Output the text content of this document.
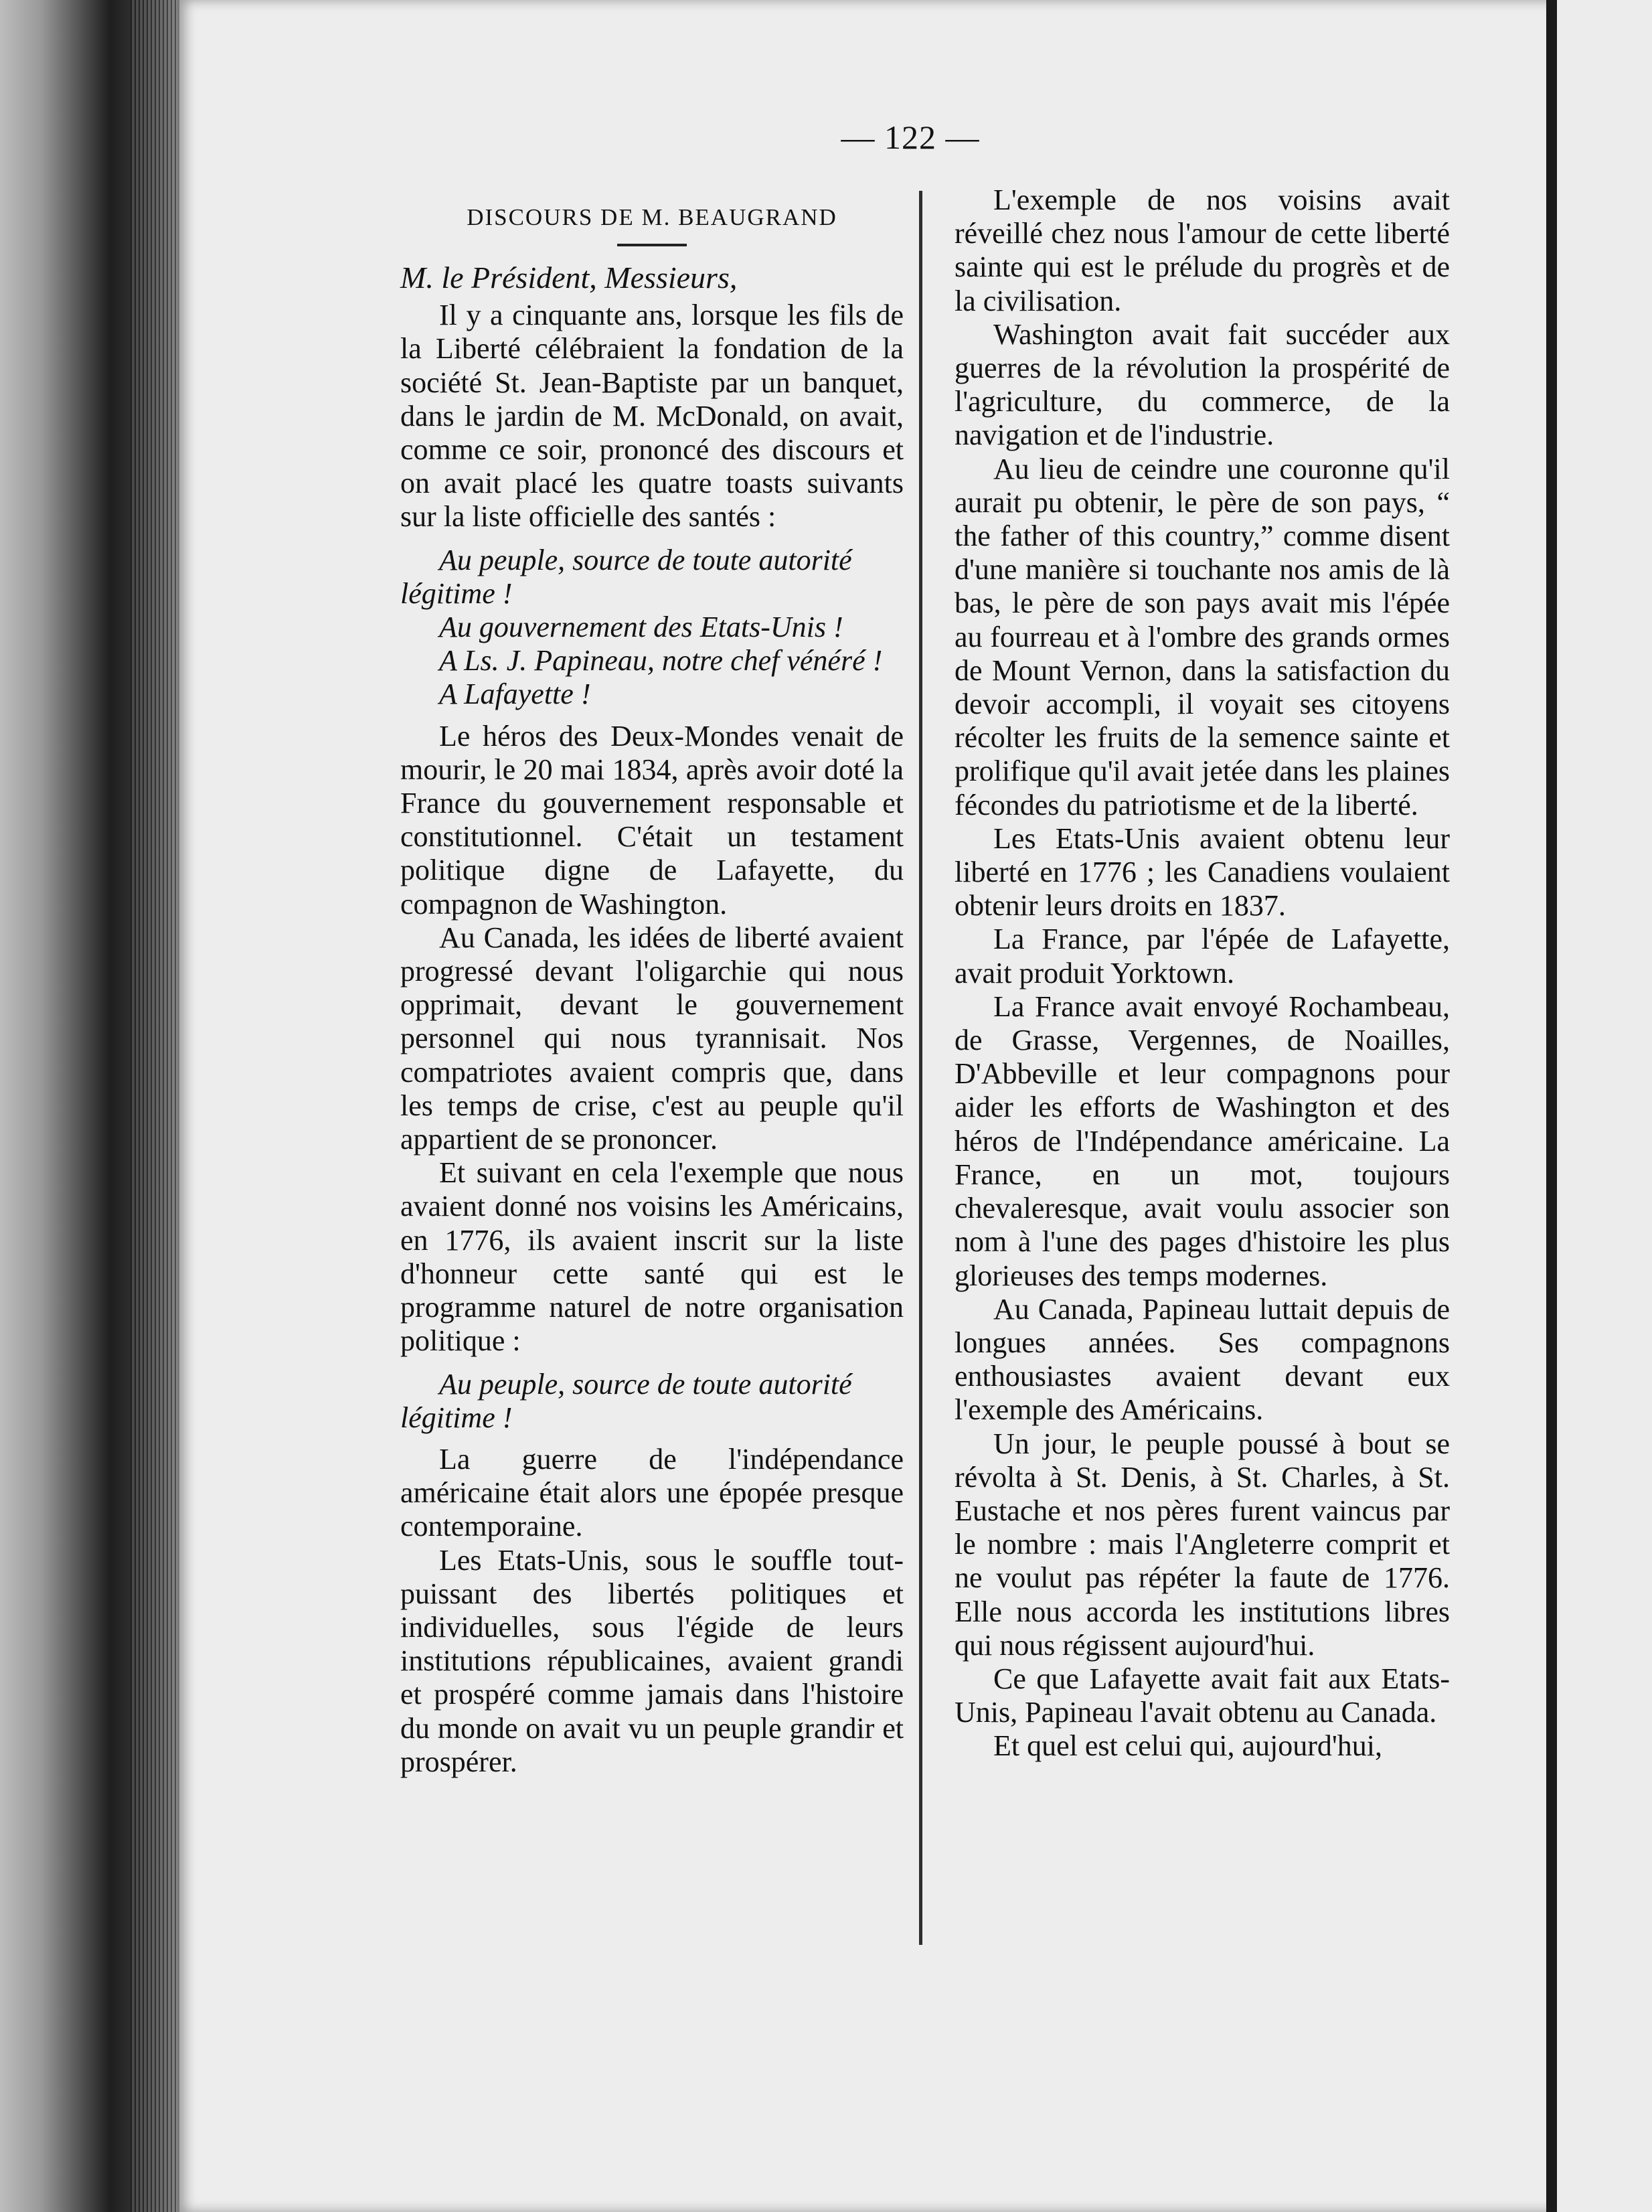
— 122 —
DISCOURS DE M. BEAUGRAND

M. le Président, Messieurs,

Il y a cinquante ans, lorsque les fils de la Liberté célébraient la fondation de la société St. Jean-Baptiste par un banquet, dans le jardin de M. McDonald, on avait, comme ce soir, prononcé des discours et on avait placé les quatre toasts suivants sur la liste officielle des santés :

Au peuple, source de toute autorité légitime !

Au gouvernement des Etats-Unis !

A Ls. J. Papineau, notre chef vénéré !

A Lafayette !

Le héros des Deux-Mondes venait de mourir, le 20 mai 1834, après avoir doté la France du gouvernement responsable et constitutionnel. C'était un testament politique digne de Lafayette, du compagnon de Washington.

Au Canada, les idées de liberté avaient progressé devant l'oligarchie qui nous opprimait, devant le gouvernement personnel qui nous tyrannisait. Nos compatriotes avaient compris que, dans les temps de crise, c'est au peuple qu'il appartient de se prononcer.

Et suivant en cela l'exemple que nous avaient donné nos voisins les Américains, en 1776, ils avaient inscrit sur la liste d'honneur cette santé qui est le programme naturel de notre organisation politique :

Au peuple, source de toute autorité légitime !

La guerre de l'indépendance américaine était alors une épopée presque contemporaine.

Les Etats-Unis, sous le souffle tout-puissant des libertés politiques et individuelles, sous l'égide de leurs institutions républicaines, avaient grandi et prospéré comme jamais dans l'histoire du monde on avait vu un peuple grandir et prospérer.

L'exemple de nos voisins avait réveillé chez nous l'amour de cette liberté sainte qui est le prélude du progrès et de la civilisation.

Washington avait fait succéder aux guerres de la révolution la prospérité de l'agriculture, du commerce, de la navigation et de l'industrie.

Au lieu de ceindre une couronne qu'il aurait pu obtenir, le père de son pays, “ the father of this country,” comme disent d'une manière si touchante nos amis de là bas, le père de son pays avait mis l'épée au fourreau et à l'ombre des grands ormes de Mount Vernon, dans la satisfaction du devoir accompli, il voyait ses citoyens récolter les fruits de la semence sainte et prolifique qu'il avait jetée dans les plaines fécondes du patriotisme et de la liberté.

Les Etats-Unis avaient obtenu leur liberté en 1776 ; les Canadiens voulaient obtenir leurs droits en 1837.

La France, par l'épée de Lafayette, avait produit Yorktown.

La France avait envoyé Rochambeau, de Grasse, Vergennes, de Noailles, D'Abbeville et leur compagnons pour aider les efforts de Washington et des héros de l'Indépendance américaine. La France, en un mot, toujours chevaleresque, avait voulu associer son nom à l'une des pages d'histoire les plus glorieuses des temps modernes.

Au Canada, Papineau luttait depuis de longues années. Ses compagnons enthousiastes avaient devant eux l'exemple des Américains.

Un jour, le peuple poussé à bout se révolta à St. Denis, à St. Charles, à St. Eustache et nos pères furent vaincus par le nombre : mais l'Angleterre comprit et ne voulut pas répéter la faute de 1776. Elle nous accorda les institutions libres qui nous régissent aujourd'hui.

Ce que Lafayette avait fait aux Etats-Unis, Papineau l'avait obtenu au Canada.

Et quel est celui qui, aujourd'hui,
